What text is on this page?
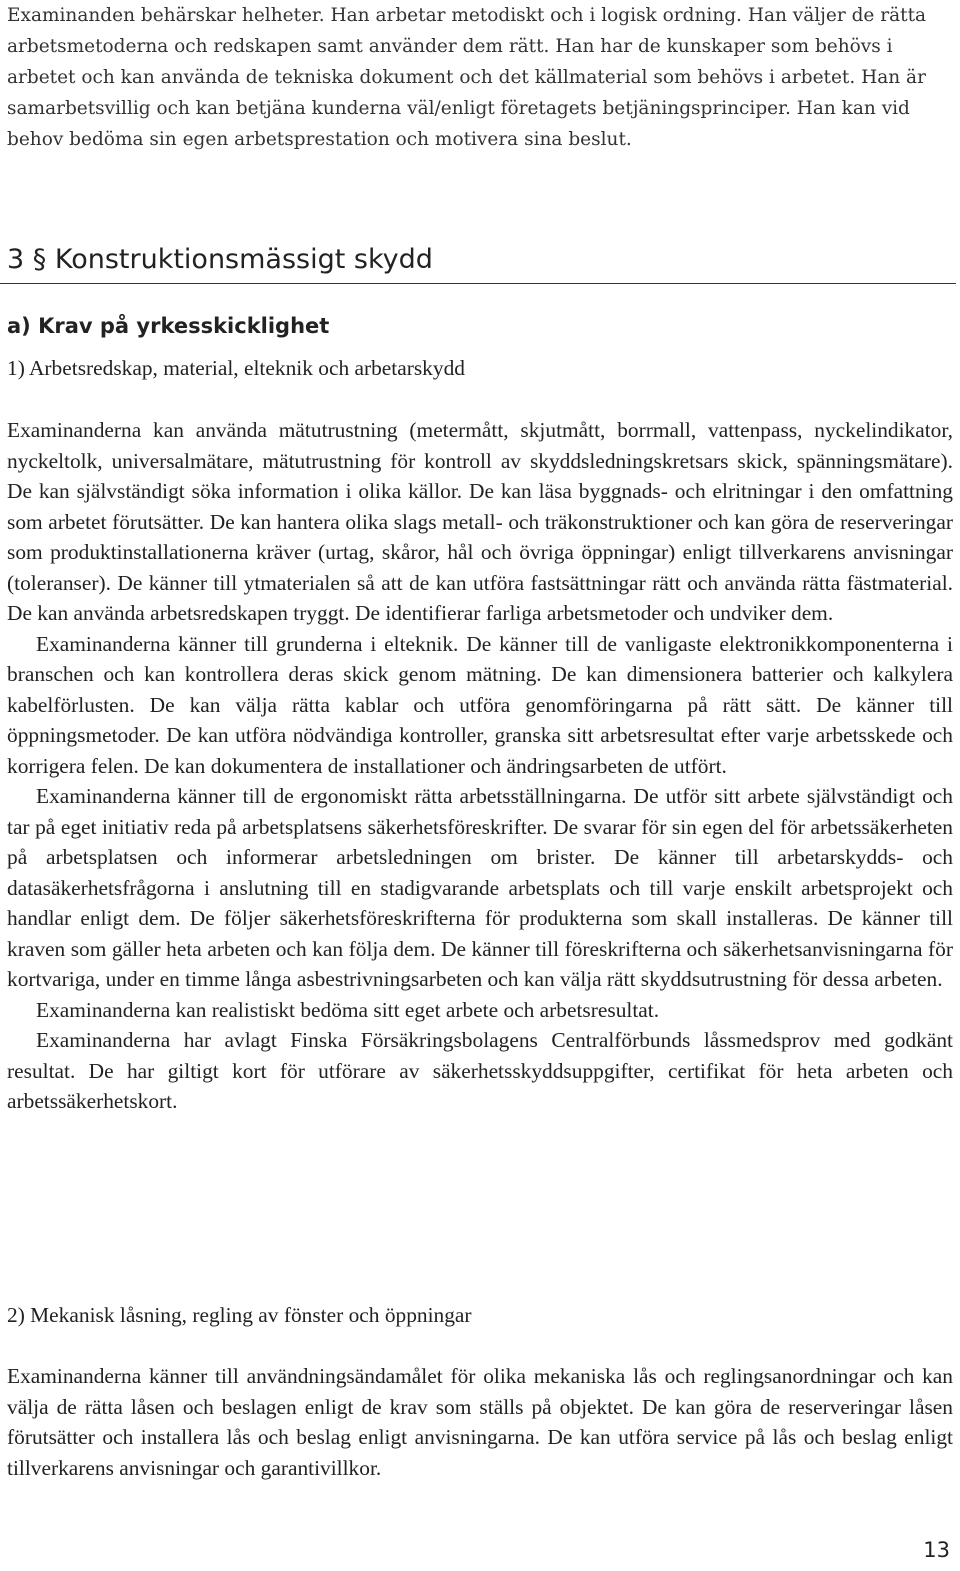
Examinanden behärskar helheter. Han arbetar metodiskt och i logisk ordning. Han väljer de rätta arbetsmetoderna och redskapen samt använder dem rätt. Han har de kunskaper som behövs i arbetet och kan använda de tekniska dokument och det källmaterial som behövs i arbetet. Han är samarbetsvillig och kan betjäna kunderna väl/enligt företagets betjäningsprinciper. Han kan vid behov bedöma sin egen arbetsprestation och motivera sina beslut.

3 § Konstruktionsmässigt skydd
a) Krav på yrkesskicklighet
1) Arbetsredskap, material, elteknik och arbetarskydd

Examinanderna kan använda mätutrustning (metermått, skjutmått, borrmall, vattenpass, nyckelindikator, nyckeltolk, universalmätare, mätutrustning för kontroll av skyddsledningskretsars skick, spänningsmätare). De kan självständigt söka information i olika källor. De kan läsa byggnads- och elritningar i den omfattning som arbetet förutsätter. De kan hantera olika slags metall- och träkonstruktioner och kan göra de reserveringar som produktinstallationerna kräver (urtag, skåror, hål och övriga öppningar) enligt tillverkarens anvisningar (toleranser). De känner till ytmaterialen så att de kan utföra fastsättningar rätt och använda rätta fästmaterial. De kan använda arbetsredskapen tryggt. De identifierar farliga arbetsmetoder och undviker dem.

Examinanderna känner till grunderna i elteknik. De känner till de vanligaste elektronikkomponenterna i branschen och kan kontrollera deras skick genom mätning. De kan dimensionera batterier och kalkylera kabelförlusten. De kan välja rätta kablar och utföra genomföringarna på rätt sätt. De känner till öppningsmetoder. De kan utföra nödvändiga kontroller, granska sitt arbetsresultat efter varje arbetsskede och korrigera felen. De kan dokumentera de installationer och ändringsarbeten de utfört.

Examinanderna känner till de ergonomiskt rätta arbetsställningarna. De utför sitt arbete självständigt och tar på eget initiativ reda på arbetsplatsens säkerhetsföreskrifter. De svarar för sin egen del för arbetssäkerheten på arbetsplatsen och informerar arbetsledningen om brister. De känner till arbetarskydds- och datasäkerhetsfrågorna i anslutning till en stadigvarande arbetsplats och till varje enskilt arbetsprojekt och handlar enligt dem. De följer säkerhetsföreskrifterna för produkterna som skall installeras. De känner till kraven som gäller heta arbeten och kan följa dem. De känner till föreskrifterna och säkerhetsanvisningarna för kortvariga, under en timme långa asbestrivningsarbeten och kan välja rätt skyddsutrustning för dessa arbeten.

Examinanderna kan realistiskt bedöma sitt eget arbete och arbetsresultat.

Examinanderna har avlagt Finska Försäkringsbolagens Centralförbunds låssmedsprov med godkänt resultat. De har giltigt kort för utförare av säkerhetsskyddsuppgifter, certifikat för heta arbeten och arbetssäkerhetskort.

2) Mekanisk låsning, regling av fönster och öppningar

Examinanderna känner till användningsändamålet för olika mekaniska lås och reglingsanordningar och kan välja de rätta låsen och beslagen enligt de krav som ställs på objektet. De kan göra de reserveringar låsen förutsätter och installera lås och beslag enligt anvisningarna. De kan utföra service på lås och beslag enligt tillverkarens anvisningar och garantivillkor.

13
